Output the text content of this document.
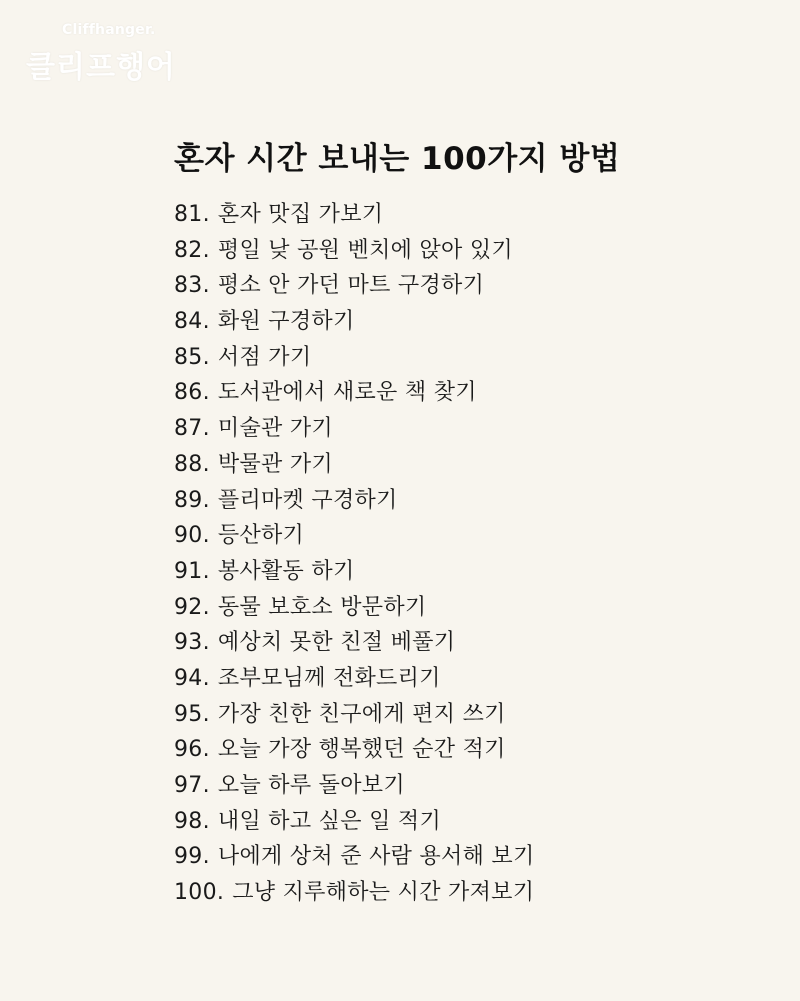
Cliffhanger.
클리프행어
혼자 시간 보내는 100가지 방법
81. 혼자 맛집 가보기
82. 평일 낮 공원 벤치에 앉아 있기
83. 평소 안 가던 마트 구경하기
84. 화원 구경하기
85. 서점 가기
86. 도서관에서 새로운 책 찾기
87. 미술관 가기
88. 박물관 가기
89. 플리마켓 구경하기
90. 등산하기
91. 봉사활동 하기
92. 동물 보호소 방문하기
93. 예상치 못한 친절 베풀기
94. 조부모님께 전화드리기
95. 가장 친한 친구에게 편지 쓰기
96. 오늘 가장 행복했던 순간 적기
97. 오늘 하루 돌아보기
98. 내일 하고 싶은 일 적기
99. 나에게 상처 준 사람 용서해 보기
100. 그냥 지루해하는 시간 가져보기
